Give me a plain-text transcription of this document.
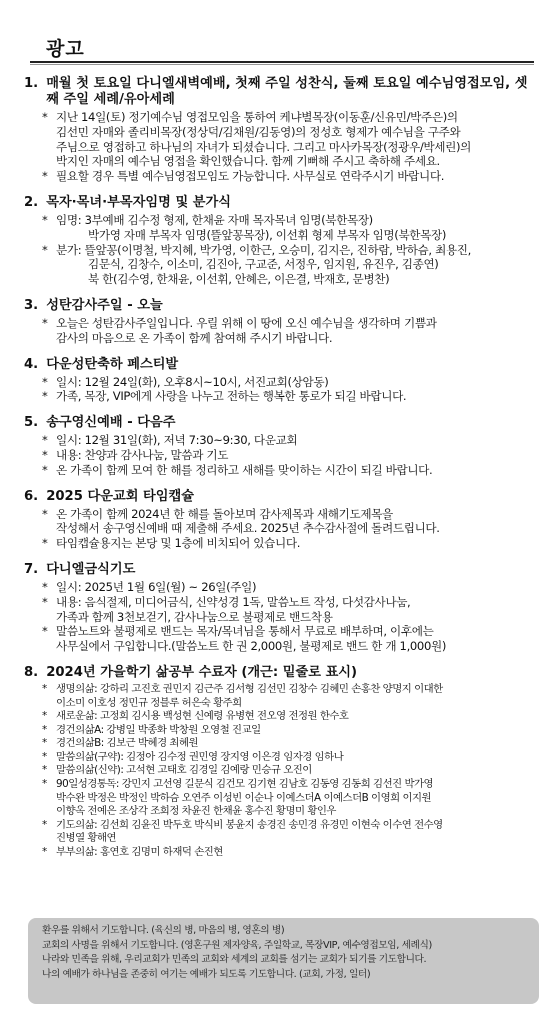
광고
1. 매월 첫 토요일 다니엘새벽예배, 첫째 주일 성찬식, 둘째 토요일 예수님영접모임, 셋째 주일 세례/유아세례
* 지난 14일(토) 정기예수님 영접모임을 통하여 케냐별목장(이동훈/신유민/박주은)의
김선민 자매와 졸리비목장(정상덕/김채원/김동영)의 정성호 형제가 예수님을 구주와
주님으로 영접하고 하나님의 자녀가 되셨습니다. 그리고 마사카목장(정광우/박세린)의
박지인 자매의 예수님 영접을 확인했습니다. 함께 기뻐해 주시고 축하해 주세요.
* 필요할 경우 특별 예수님영접모임도 가능합니다. 사무실로 연락주시기 바랍니다.
2. 목자·목녀·부목자임명 및 분가식
* 임명: 3부예배 김수정 형제, 한채윤 자매 목자목녀 임명(북한목장)
박가영 자매 부목자 임명(뜰앞꽁목장), 이선휘 형제 부목자 임명(북한목장)
* 분가: 뜰앞꽁(이명철, 박지혜, 박가영, 이한근, 오승미, 김지은, 진하람, 박하슴, 최용진,
김문식, 김창수, 이소미, 김진아, 구교준, 서정우, 임지원, 유진우, 김종연)
북 한(김수영, 한채윤, 이선휘, 안혜은, 이은결, 박재호, 문병찬)
3. 성탄감사주일 - 오늘
* 오늘은 성탄감사주일입니다. 우릴 위해 이 땅에 오신 예수님을 생각하며 기쁨과
감사의 마음으로 온 가족이 함께 참여해 주시기 바랍니다.
4. 다운성탄축하 페스티발
* 일시: 12월 24일(화), 오후8시~10시, 서진교회(상암동)
* 가족, 목장, VIP에게 사랑을 나누고 전하는 행복한 통로가 되길 바랍니다.
5. 송구영신예배 - 다음주
* 일시: 12월 31일(화), 저녁 7:30~9:30, 다운교회
* 내용: 찬양과 감사나눔, 말씀과 기도
* 온 가족이 함께 모여 한 해를 정리하고 새해를 맞이하는 시간이 되길 바랍니다.
6. 2025 다운교회 타임캡슐
* 온 가족이 함께 2024년 한 해를 돌아보며 감사제목과 새해기도제목을
작성해서 송구영신예배 때 제출해 주세요. 2025년 추수감사절에 돌려드립니다.
* 타임캡슐용지는 본당 및 1층에 비치되어 있습니다.
7. 다니엘금식기도
* 일시: 2025년 1월 6일(월) ~ 26일(주일)
* 내용: 음식절제, 미디어금식, 신약성경 1독, 말씀노트 작성, 다섯감사나눔,
가족과 함께 3천보걷기, 감사나눔으로 불평제로 밴드착용
* 말씀노트와 불평제로 밴드는 목자/목녀님을 통해서 무료로 배부하며, 이후에는
사무실에서 구입합니다.(말씀노트 한 권 2,000원, 불평제로 밴드 한 개 1,000원)
8. 2024년 가을학기 삶공부 수료자 (개근: 밑줄로 표시)
* 생명의삶: 강하리 고진호 권민지 김근주 김서형 김선민 김창수 김혜민 손홍찬 양명지 이대한
이소미 이호성 정민규 정블루 허은숙 황주희
* 새로운삶: 고정희 김시용 백성현 신예령 유병현 전오영 전정원 한수호
* 경건의삶A: 강병일 박종화 박창원 오영철 진교일
* 경건의삶B: 김보근 박혜경 최혜원
* 말씀의삶(구약): 김정아 김수정 권민영 장지영 이은경 임자경 임하나
* 말씀의삶(신약): 고석현 고태호 김경일 김예랑 민승규 오진이
* 90일성경통독: 강민지 고선영 길문식 김건모 김기현 김남호 김동영 김동희 김선진 박가영
박수완 박정은 박정인 박하슴 오연주 이성빈 이순나 이예스더A 이예스더B 이영희 이지원
이향옥 전예은 조상각 조희정 차윤진 한채윤 홍수진 황명미 황인우
* 기도의삶: 김선희 김윤진 박두호 박식비 봉윤지 송경진 송민경 유경민 이현숙 이수연 전수영
진병열 황해연
* 부부의삶: 홍연호 김명미 하재덕 손진현

환우를 위해서 기도합니다. (육신의 병, 마음의 병, 영혼의 병)

교회의 사명을 위해서 기도합니다. (영혼구원 제자양육, 주일학교, 목장VIP, 예수영접모임, 세례식)

나라와 민족을 위해, 우리교회가 민족의 교회와 세계의 교회를 섬기는 교회가 되기를 기도합니다.

나의 예배가 하나님을 존중히 여기는 예배가 되도록 기도합니다. (교회, 가정, 일터)
